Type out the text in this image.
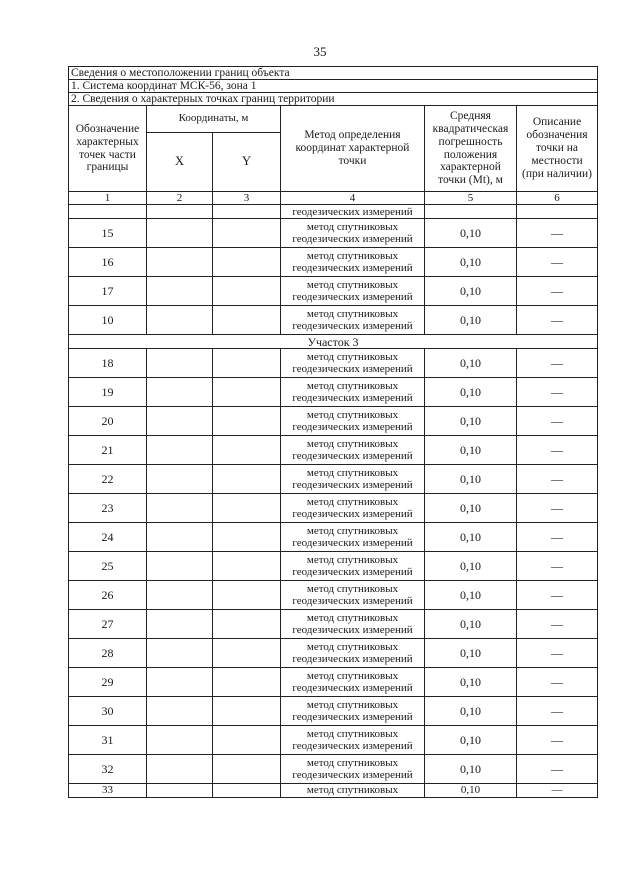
35
Сведения о местоположении границ объекта					
1. Система координат МСК-56, зона 1					
2. Сведения о характерных точках границ территории					
Обозначение характерных точек части границы	Координаты, м		Метод определения координат характерной точки	Средняя квадратическая погрешность положения характерной точки (Mt), м	Описание обозначения точки на местности (при наличии)
	X	Y			
1	2	3	4	5	6
			геодезических измерений		
15			метод спутниковых
геодезических измерений	0,10	—
16			метод спутниковых
геодезических измерений	0,10	—
17			метод спутниковых
геодезических измерений	0,10	—
10			метод спутниковых
геодезических измерений	0,10	—
Участок 3					
18			метод спутниковых
геодезических измерений	0,10	—
19			метод спутниковых
геодезических измерений	0,10	—
20			метод спутниковых
геодезических измерений	0,10	—
21			метод спутниковых
геодезических измерений	0,10	—
22			метод спутниковых
геодезических измерений	0,10	—
23			метод спутниковых
геодезических измерений	0,10	—
24			метод спутниковых
геодезических измерений	0,10	—
25			метод спутниковых
геодезических измерений	0,10	—
26			метод спутниковых
геодезических измерений	0,10	—
27			метод спутниковых
геодезических измерений	0,10	—
28			метод спутниковых
геодезических измерений	0,10	—
29			метод спутниковых
геодезических измерений	0,10	—
30			метод спутниковых
геодезических измерений	0,10	—
31			метод спутниковых
геодезических измерений	0,10	—
32			метод спутниковых
геодезических измерений	0,10	—
33			метод спутниковых	0,10	—
